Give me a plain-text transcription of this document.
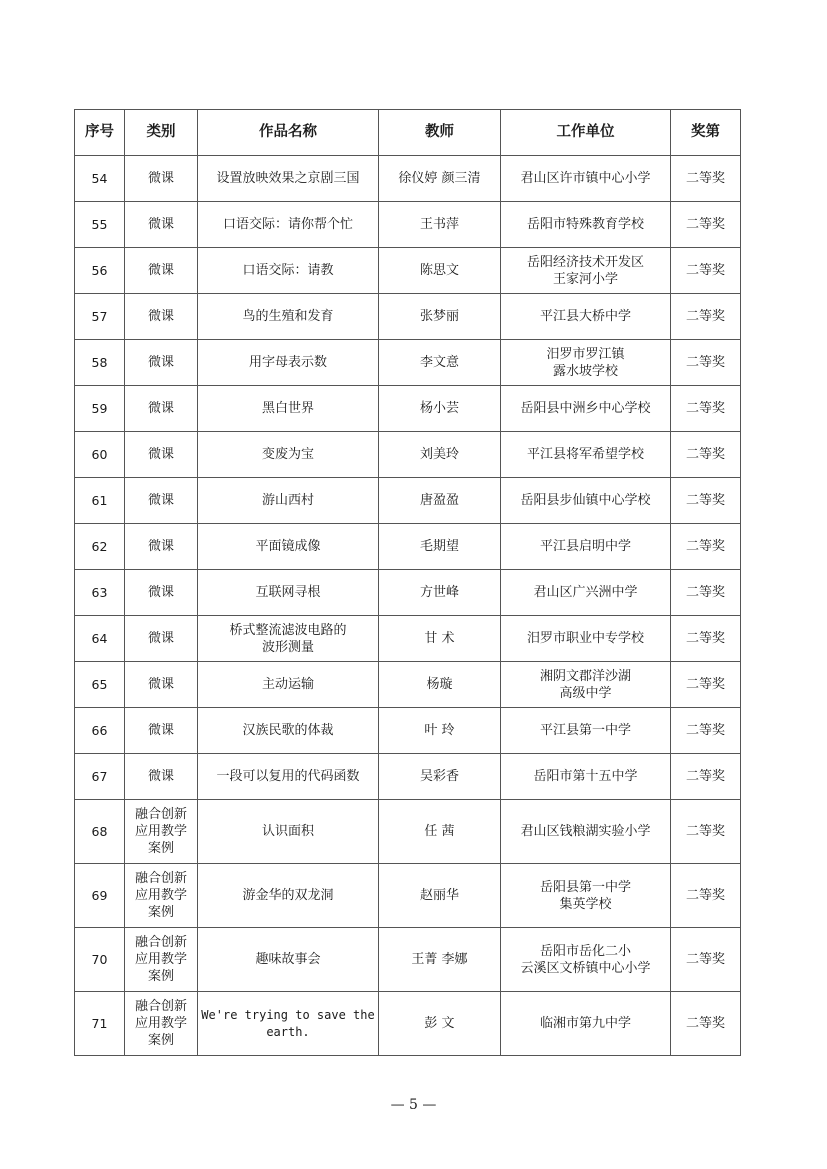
序号	类别	作品名称	教师	工作单位	奖第

54	微课	设置放映效果之京剧三国	徐仪婷 颜三清	君山区许市镇中心小学	二等奖

55	微课	口语交际：请你帮个忙	王书萍	岳阳市特殊教育学校	二等奖

56	微课	口语交际：请教	陈思文	岳阳经济技术开发区
王家河小学	二等奖

57	微课	鸟的生殖和发育	张梦丽	平江县大桥中学	二等奖

58	微课	用字母表示数	李文意	汨罗市罗江镇
露水坡学校	二等奖

59	微课	黑白世界	杨小芸	岳阳县中洲乡中心学校	二等奖

60	微课	变废为宝	刘美玲	平江县将军希望学校	二等奖

61	微课	游山西村	唐盈盈	岳阳县步仙镇中心学校	二等奖

62	微课	平面镜成像	毛期望	平江县启明中学	二等奖

63	微课	互联网寻根	方世峰	君山区广兴洲中学	二等奖

64	微课	桥式整流滤波电路的
波形测量	甘 术	汨罗市职业中专学校	二等奖

65	微课	主动运输	杨璇	湘阴文郡洋沙湖
高级中学	二等奖

66	微课	汉族民歌的体裁	叶 玲	平江县第一中学	二等奖

67	微课	一段可以复用的代码函数	吴彩香	岳阳市第十五中学	二等奖

68	融合创新
应用教学
案例	认识面积	任 茜	君山区钱粮湖实验小学	二等奖

69	融合创新
应用教学
案例	游金华的双龙洞	赵丽华	岳阳县第一中学
集英学校	二等奖

70	融合创新
应用教学
案例	趣味故事会	王菁 李娜	岳阳市岳化二小
云溪区文桥镇中心小学	二等奖

71	融合创新
应用教学
案例	We're trying to save the earth.	彭 文	临湘市第九中学	二等奖
— 5 —
